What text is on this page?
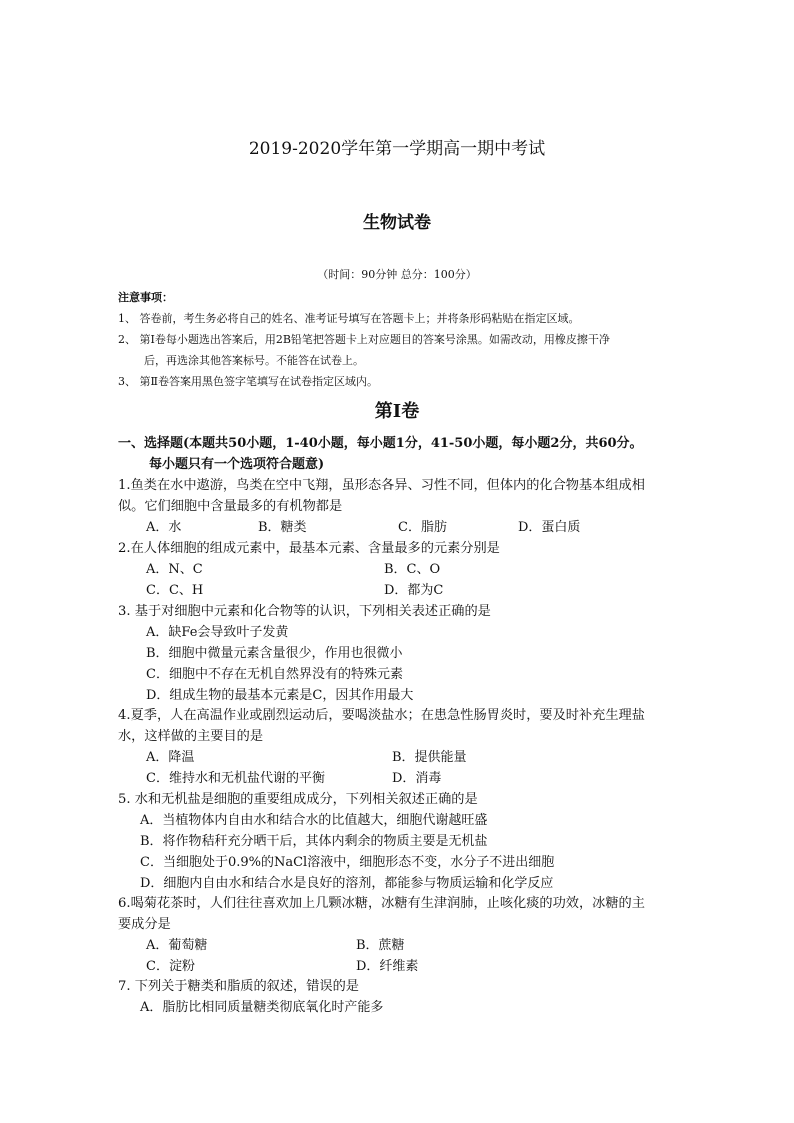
2019-2020学年第一学期高一期中考试
生物试卷
（时间：90分钟 总分：100分）
注意事项：
1、 答卷前，考生务必将自己的姓名、准考证号填写在答题卡上；并将条形码粘贴在指定区域。
2、 第Ⅰ卷每小题选出答案后，用2B铅笔把答题卡上对应题目的答案号涂黑。如需改动，用橡皮擦干净
后，再选涂其他答案标号。不能答在试卷上。
3、 第Ⅱ卷答案用黑色签字笔填写在试卷指定区域内。
第Ⅰ卷
一、选择题(本题共50小题，1-40小题，每小题1分，41-50小题，每小题2分，共60分。
每小题只有一个选项符合题意)
1.鱼类在水中遨游，鸟类在空中飞翔，虽形态各异、习性不同，但体内的化合物基本组成相
似。它们细胞中含量最多的有机物都是
A．水	B．糖类	C．脂肪	D．蛋白质
2.在人体细胞的组成元素中，最基本元素、含量最多的元素分别是
A．N、C	B．C、O
C．C、H	D．都为C
3. 基于对细胞中元素和化合物等的认识，下列相关表述正确的是
A．缺Fe会导致叶子发黄
B．细胞中微量元素含量很少，作用也很微小
C．细胞中不存在无机自然界没有的特殊元素
D．组成生物的最基本元素是C，因其作用最大
4.夏季，人在高温作业或剧烈运动后，要喝淡盐水；在患急性肠胃炎时，要及时补充生理盐
水，这样做的主要目的是
A．降温	B．提供能量
C．维持水和无机盐代谢的平衡	D．消毒
5. 水和无机盐是细胞的重要组成成分，下列相关叙述正确的是
A．当植物体内自由水和结合水的比值越大，细胞代谢越旺盛
B．将作物秸秆充分晒干后，其体内剩余的物质主要是无机盐
C．当细胞处于0.9%的NaCl溶液中，细胞形态不变，水分子不进出细胞
D．细胞内自由水和结合水是良好的溶剂，都能参与物质运输和化学反应
6.喝菊花茶时，人们往往喜欢加上几颗冰糖，冰糖有生津润肺，止咳化痰的功效，冰糖的主
要成分是
A．葡萄糖	B．蔗糖
C．淀粉	D．纤维素
7. 下列关于糖类和脂质的叙述，错误的是
A．脂肪比相同质量糖类彻底氧化时产能多
